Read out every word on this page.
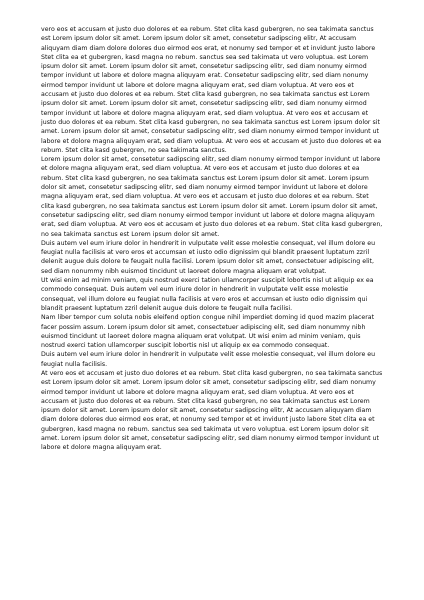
vero eos et accusam et justo duo dolores et ea rebum. Stet clita kasd gubergren, no sea takimata sanctus est Lorem ipsum dolor sit amet. Lorem ipsum dolor sit amet, consetetur sadipscing elitr, At accusam aliquyam diam diam dolore dolores duo eirmod eos erat, et nonumy sed tempor et et invidunt justo labore Stet clita ea et gubergren, kasd magna no rebum. sanctus sea sed takimata ut vero voluptua. est Lorem ipsum dolor sit amet. Lorem ipsum dolor sit amet, consetetur sadipscing elitr, sed diam nonumy eirmod tempor invidunt ut labore et dolore magna aliquyam erat. Consetetur sadipscing elitr, sed diam nonumy eirmod tempor invidunt ut labore et dolore magna aliquyam erat, sed diam voluptua. At vero eos et accusam et justo duo dolores et ea rebum. Stet clita kasd gubergren, no sea takimata sanctus est Lorem ipsum dolor sit amet. Lorem ipsum dolor sit amet, consetetur sadipscing elitr, sed diam nonumy eirmod tempor invidunt ut labore et dolore magna aliquyam erat, sed diam voluptua. At vero eos et accusam et justo duo dolores et ea rebum. Stet clita kasd gubergren, no sea takimata sanctus est Lorem ipsum dolor sit amet. Lorem ipsum dolor sit amet, consetetur sadipscing elitr, sed diam nonumy eirmod tempor invidunt ut labore et dolore magna aliquyam erat, sed diam voluptua. At vero eos et accusam et justo duo dolores et ea rebum. Stet clita kasd gubergren, no sea takimata sanctus.

Lorem ipsum dolor sit amet, consetetur sadipscing elitr, sed diam nonumy eirmod tempor invidunt ut labore et dolore magna aliquyam erat, sed diam voluptua. At vero eos et accusam et justo duo dolores et ea rebum. Stet clita kasd gubergren, no sea takimata sanctus est Lorem ipsum dolor sit amet. Lorem ipsum dolor sit amet, consetetur sadipscing elitr, sed diam nonumy eirmod tempor invidunt ut labore et dolore magna aliquyam erat, sed diam voluptua. At vero eos et accusam et justo duo dolores et ea rebum. Stet clita kasd gubergren, no sea takimata sanctus est Lorem ipsum dolor sit amet. Lorem ipsum dolor sit amet, consetetur sadipscing elitr, sed diam nonumy eirmod tempor invidunt ut labore et dolore magna aliquyam erat, sed diam voluptua. At vero eos et accusam et justo duo dolores et ea rebum. Stet clita kasd gubergren, no sea takimata sanctus est Lorem ipsum dolor sit amet.

Duis autem vel eum iriure dolor in hendrerit in vulputate velit esse molestie consequat, vel illum dolore eu feugiat nulla facilisis at vero eros et accumsan et iusto odio dignissim qui blandit praesent luptatum zzril delenit augue duis dolore te feugait nulla facilisi. Lorem ipsum dolor sit amet, consectetuer adipiscing elit, sed diam nonummy nibh euismod tincidunt ut laoreet dolore magna aliquam erat volutpat.

Ut wisi enim ad minim veniam, quis nostrud exerci tation ullamcorper suscipit lobortis nisl ut aliquip ex ea commodo consequat. Duis autem vel eum iriure dolor in hendrerit in vulputate velit esse molestie consequat, vel illum dolore eu feugiat nulla facilisis at vero eros et accumsan et iusto odio dignissim qui blandit praesent luptatum zzril delenit augue duis dolore te feugait nulla facilisi.

Nam liber tempor cum soluta nobis eleifend option congue nihil imperdiet doming id quod mazim placerat facer possim assum. Lorem ipsum dolor sit amet, consectetuer adipiscing elit, sed diam nonummy nibh euismod tincidunt ut laoreet dolore magna aliquam erat volutpat. Ut wisi enim ad minim veniam, quis nostrud exerci tation ullamcorper suscipit lobortis nisl ut aliquip ex ea commodo consequat.

Duis autem vel eum iriure dolor in hendrerit in vulputate velit esse molestie consequat, vel illum dolore eu feugiat nulla facilisis.

At vero eos et accusam et justo duo dolores et ea rebum. Stet clita kasd gubergren, no sea takimata sanctus est Lorem ipsum dolor sit amet. Lorem ipsum dolor sit amet, consetetur sadipscing elitr, sed diam nonumy eirmod tempor invidunt ut labore et dolore magna aliquyam erat, sed diam voluptua. At vero eos et accusam et justo duo dolores et ea rebum. Stet clita kasd gubergren, no sea takimata sanctus est Lorem ipsum dolor sit amet. Lorem ipsum dolor sit amet, consetetur sadipscing elitr, At accusam aliquyam diam diam dolore dolores duo eirmod eos erat, et nonumy sed tempor et et invidunt justo labore Stet clita ea et gubergren, kasd magna no rebum. sanctus sea sed takimata ut vero voluptua. est Lorem ipsum dolor sit amet. Lorem ipsum dolor sit amet, consetetur sadipscing elitr, sed diam nonumy eirmod tempor invidunt ut labore et dolore magna aliquyam erat.
